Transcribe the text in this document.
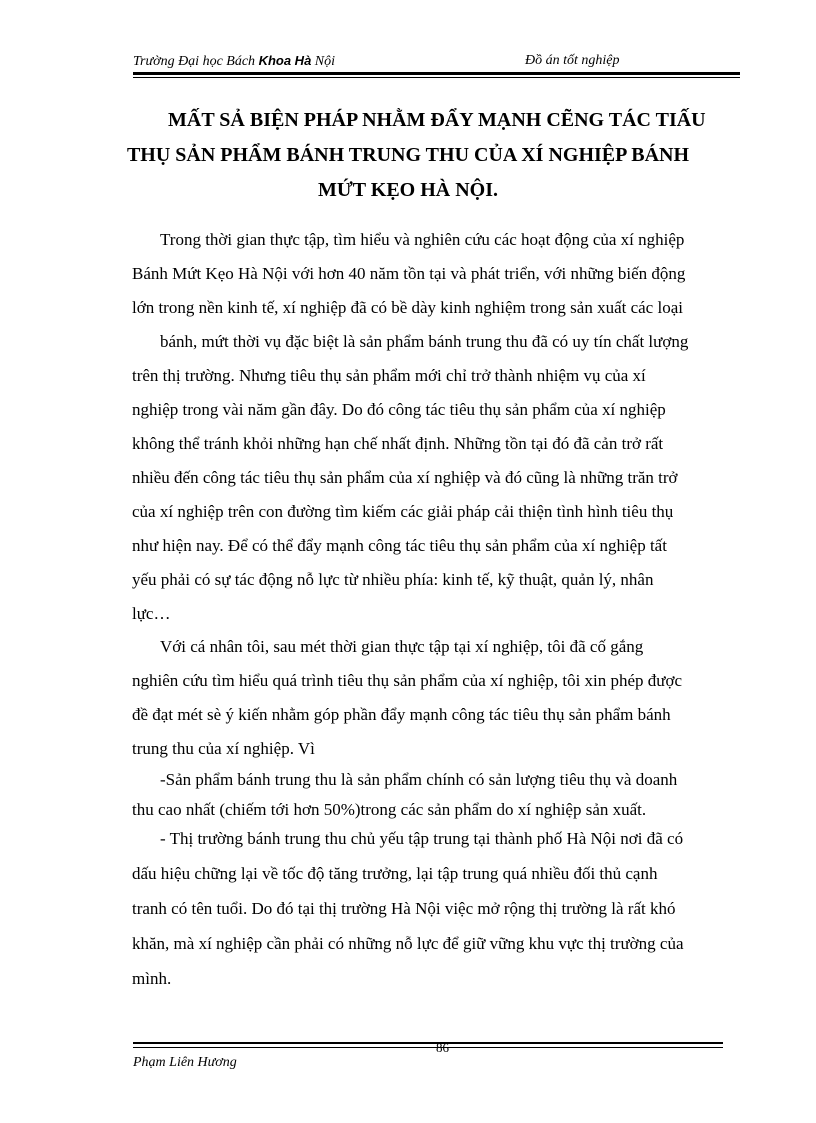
Trường Đại học Bách Khoa Hà Nội	Đồ án tốt nghiệp
MẤT SẢ BIỆN PHÁP NHẰM ĐẨY MẠNH CẼNG TÁC TIẤU
THỤ SẢN PHẨM BÁNH TRUNG THU CỦA XÍ NGHIỆP BÁNH
MỨT KẸO HÀ NỘI.
Trong thời gian thực tập, tìm hiểu và nghiên cứu các hoạt động của xí nghiệp
Bánh Mứt Kẹo Hà Nội với hơn 40 năm tồn tại và phát triển, với những biến động
lớn trong nền kinh tế, xí nghiệp đã có bề dày kinh nghiệm trong sản xuất các loại
bánh, mứt thời vụ đặc biệt là sản phẩm bánh trung thu đã có uy tín chất lượng
trên thị trường. Nhưng tiêu thụ sản phẩm mới chỉ trở thành nhiệm vụ của xí
nghiệp trong vài năm gần đây. Do đó công tác tiêu thụ sản phẩm của xí nghiệp
không thể tránh khỏi những hạn chế nhất định. Những tồn tại đó đã cản trở rất
nhiều đến công tác tiêu thụ sản phẩm của xí nghiệp và đó cũng là những trăn trở
của xí nghiệp trên con đường tìm kiếm các giải pháp cải thiện tình hình tiêu thụ
như hiện nay. Để có thể đẩy mạnh công tác tiêu thụ sản phẩm của xí nghiệp tất
yếu phải có sự tác động nỗ lực từ nhiều phía: kinh tế, kỹ thuật, quản lý, nhân
lực…
Với cá nhân tôi, sau mét thời gian thực tập tại xí nghiệp, tôi đã cố gắng
nghiên cứu tìm hiểu quá trình tiêu thụ sản phẩm của xí nghiệp, tôi xin phép được
đề đạt mét sè ý kiến nhằm góp phần đẩy mạnh công tác tiêu thụ sản phẩm bánh
trung thu của xí nghiệp. Vì
-Sản phẩm bánh trung thu là sản phẩm chính có sản lượng tiêu thụ và doanh
thu cao nhất (chiếm tới hơn 50%)trong các sản phẩm do xí nghiệp sản xuất.
- Thị trường bánh trung thu chủ yếu tập trung tại thành phố Hà Nội nơi đã có
dấu hiệu chững lại về tốc độ tăng trưởng, lại tập trung quá nhiều đối thủ cạnh
tranh có tên tuổi. Do đó tại thị trường Hà Nội việc mở rộng thị trường là rất khó
khăn, mà xí nghiệp cần phải có những nỗ lực để giữ vững khu vực thị trường của
mình.
86
Phạm Liên Hương
